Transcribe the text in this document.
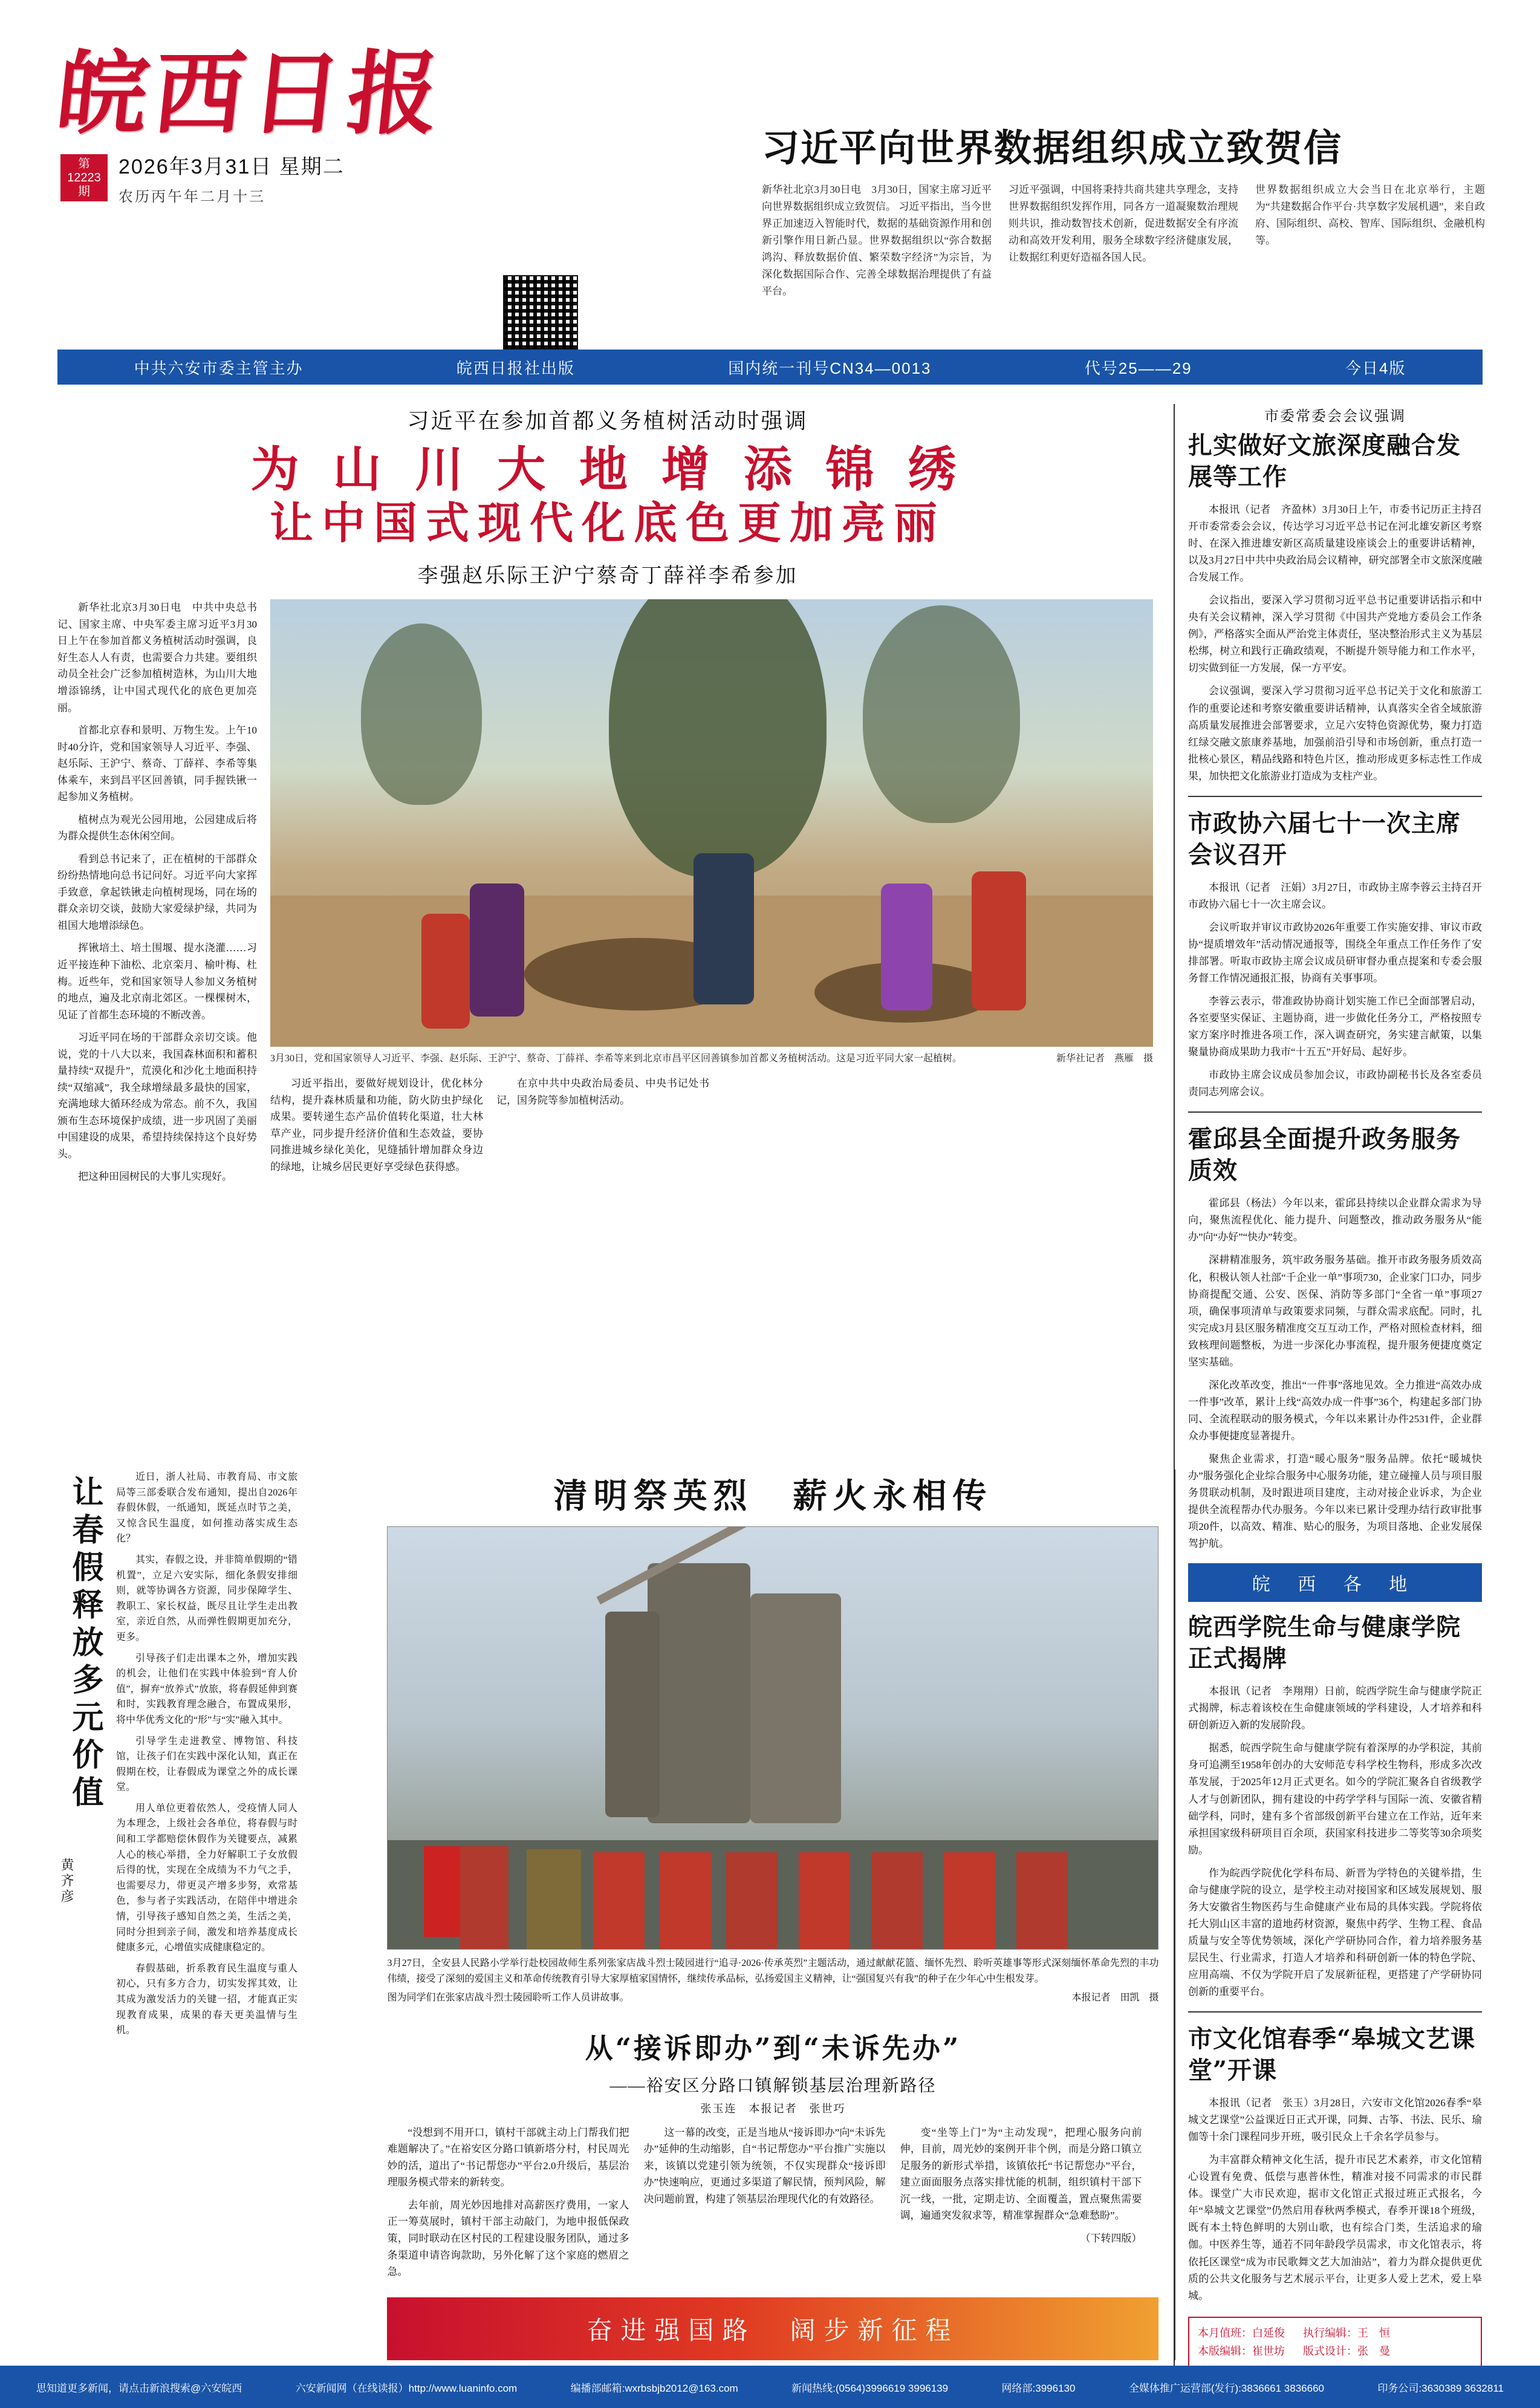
皖西日报
第12223期
2026年3月31日 星期二
农历丙午年二月十三
习近平向世界数据组织成立致贺信
新华社北京3月30日电　3月30日，国家主席习近平向世界数据组织成立致贺信。 习近平指出，当今世界正加速迈入智能时代，数据的基础资源作用和创新引擎作用日新凸显。世界数据组织以“弥合数据鸿沟、释放数据价值、繁荣数字经济”为宗旨，为深化数据国际合作、完善全球数据治理提供了有益平台。
习近平强调，中国将秉持共商共建共享理念，支持世界数据组织发挥作用，同各方一道凝聚数治理规则共识，推动数智技术创新，促进数据安全有序流动和高效开发利用，服务全球数字经济健康发展，让数据红利更好造福各国人民。
世界数据组织成立大会当日在北京举行，主题为“共建数据合作平台·共享数字发展机遇”，来自政府、国际组织、高校、智库、国际组织、金融机构等。
中共六安市委主管主办	皖西日报社出版	国内统一刊号CN34—0013	代号25——29	今日4版
习近平在参加首都义务植树活动时强调
为 山 川 大 地 增 添 锦 绣
让中国式现代化底色更加亮丽
李强赵乐际王沪宁蔡奇丁薛祥李希参加

新华社北京3月30日电　中共中央总书记、国家主席、中央军委主席习近平3月30日上午在参加首都义务植树活动时强调，良好生态人人有责，也需要合力共建。要组织动员全社会广泛参加植树造林，为山川大地增添锦绣，让中国式现代化的底色更加亮丽。

首都北京春和景明、万物生发。上午10时40分许，党和国家领导人习近平、李强、赵乐际、王沪宁、蔡奇、丁薛祥、李希等集体乘车，来到昌平区回善镇，同手握铁锹一起参加义务植树。

植树点为观光公园用地，公园建成后将为群众提供生态休闲空间。

看到总书记来了，正在植树的干部群众纷纷热情地向总书记问好。习近平向大家挥手致意，拿起铁锹走向植树现场，同在场的群众亲切交谈，鼓励大家爱绿护绿，共同为祖国大地增添绿色。

挥锹培土、培土围堰、提水浇灌……习近平接连种下油松、北京栾月、榆叶梅、杜梅。近些年，党和国家领导人参加义务植树的地点，遍及北京南北郊区。一棵棵树木，见证了首都生态环境的不断改善。

习近平同在场的干部群众亲切交谈。他说，党的十八大以来，我国森林面积和蓄积量持续“双提升”，荒漠化和沙化土地面积持续“双缩减”，我全球增绿最多最快的国家，充满地球大循环经成为常态。前不久，我国颁布生态环境保护成绩，进一步巩固了美丽中国建设的成果，希望持续保持这个良好势头。

把这种田园树民的大事儿实现好。

新华社记者　燕雁　摄
3月30日，党和国家领导人习近平、李强、赵乐际、王沪宁、蔡奇、丁薛祥、李希等来到北京市昌平区回善镇参加首都义务植树活动。这是习近平同大家一起植树。

习近平指出，要做好规划设计，优化林分结构，提升森林质量和功能，防火防虫护绿化成果。要转递生态产品价值转化渠道，壮大林草产业，同步提升经济价值和生态效益，要协同推进城乡绿化美化，见缝插针增加群众身边的绿地，让城乡居民更好享受绿色获得感。

在京中共中央政治局委员、中央书记处书记，国务院等参加植树活动。

市委常委会会议强调
扎实做好文旅深度融合发展等工作

本报讯（记者　齐盈林）3月30日上午，市委书记历正主持召开市委常委会会议，传达学习习近平总书记在河北雄安新区考察时、在深入推进雄安新区高质量建设座谈会上的重要讲话精神，以及3月27日中共中央政治局会议精神，研究部署全市文旅深度融合发展工作。

会议指出，要深入学习贯彻习近平总书记重要讲话指示和中央有关会议精神，深入学习贯彻《中国共产党地方委员会工作条例》，严格落实全面从严治党主体责任，坚决整治形式主义为基层松绑，树立和践行正确政绩观，不断提升领导能力和工作水平，切实做到征一方发展，保一方平安。

会议强调，要深入学习贯彻习近平总书记关于文化和旅游工作的重要论述和考察安徽重要讲话精神，认真落实全省全域旅游高质量发展推进会部署要求，立足六安特色资源优势，聚力打造红绿交融文旅康养基地，加强前沿引导和市场创新，重点打造一批核心景区，精品线路和特色片区，推动形成更多标志性工作成果，加快把文化旅游业打造成为支柱产业。

市政协六届七十一次主席会议召开

本报讯（记者　汪娟）3月27日，市政协主席李蓉云主持召开市政协六届七十一次主席会议。

会议听取并审议市政协2026年重要工作实施安排、审议市政协“提质增效年”活动情况通报等，围绕全年重点工作任务作了安排部署。听取市政协主席会议成员研审督办重点提案和专委会服务督工作情况通报汇报，协商有关事事项。

李蓉云表示，带准政协协商计划实施工作已全面部署启动，各室要坚实保证、主题协商，进一步做化任务分工，严格按照专家方案序时推进各项工作，深入调查研究，务实建言献策，以集聚量协商成果助力我市“十五五”开好局、起好步。

市政协主席会议成员参加会议，市政协副秘书长及各室委员责同志列席会议。

霍邱县全面提升政务服务质效

霍邱县（杨法）今年以来，霍邱县持续以企业群众需求为导向，聚焦流程优化、能力提升、问题整改，推动政务服务从“能办”向“办好”“快办”转变。

深耕精准服务，筑牢政务服务基础。推开市政务服务质效高化，积极认领人社部“千企业一单”事项730，企业家门口办，同步协商提配交通、公安、医保、消防等多部门“全省一单”事项27项，确保事项清单与政策要求同频，与群众需求底配。同时，扎实完成3月县区服务精准度交互互动工作，严格对照检查材料，细致核理间题整板，为进一步深化办事流程，提升服务便捷度奠定坚实基础。

深化改革改变，推出“一件事”落地见效。全力推进“高效办成一件事”改革，累计上线“高效办成一件事”36个，构建起多部门协同、全流程联动的服务模式，今年以来累计办件2531件，企业群众办事便捷度显著提升。

聚焦企业需求，打造“暖心服务”服务品牌。依托“暖城快办”服务强化企业综合服务中心服务功能，建立碰撞人员与项目服务贯联动机制，及时跟进项目建度，主动对接企业诉求，为企业提供全流程帮办代办服务。今年以来已累计受理办结行政审批事项20件，以高效、精准、贴心的服务，为项目落地、企业发展保驾护航。

皖 西 各 地
皖西学院生命与健康学院正式揭牌

本报讯（记者　李翔翔）日前，皖西学院生命与健康学院正式揭牌，标志着该校在生命健康领域的学科建设，人才培养和科研创新迈入新的发展阶段。

据悉，皖西学院生命与健康学院有着深厚的办学积淀，其前身可追溯至1958年创办的大安师范专科学校生物科，形成多次改革发展，于2025年12月正式更名。如今的学院汇聚各自省级教学人才与创新团队，拥有建设的中药学学科与国际一流、安徽省精础学科，同时，建有多个省部级创新平台建立在工作站，近年来承担国家级科研项目百余项，获国家科技进步二等奖等30余项奖励。

作为皖西学院优化学科布局、新晋为学特色的关键举措，生命与健康学院的设立，是学校主动对接国家和区域发展规划、服务大安徽省生物医药与生命健康产业布局的具体实践。学院将依托大别山区丰富的道地药材资源，聚焦中药学、生物工程、食品质量与安全等优势领域，深化产学研协同合作，着力培养服务基层民生、行业需求，打造人才培养和科研创新一体的特色学院、应用高端、不仅为学院开启了发展新征程，更搭建了产学研协同创新的重要平台。

市文化馆春季“皋城文艺课堂”开课

本报讯（记者　张玉）3月28日，六安市文化馆2026春季“皋城文艺课堂”公益课近日正式开课，同舞、古筝、书法、民乐、瑜伽等十余门课程同步开班，吸引民众上千余名学员参与。

为丰富群众精神文化生活，提升市民艺术素养，市文化馆精心设置有免费、低偿与惠普休性，精准对接不同需求的市民群体。课堂广大市民欢迎，据市文化馆正式报过班正式报名，今年“皋城文艺课堂”仍然启用春秋两季模式，春季开课18个班级，既有本土特色鲜明的大别山歌，也有综合门类，生活追求的瑜伽。中医养生等，通若不同年龄段学员需求，市文化馆表示，将依托区课堂“成为市民歌舞文艺大加油站”，着力为群众提供更优质的公共文化服务与艺术展示平台，让更多人爱上艺术，爱上皋城。

本月值班：白延俊
本版编辑：崔世坊
执行编辑：王　恒
版式设计：张　曼
让春假释放多元价值
黄齐彦

近日，浙人社局、市教育局、市文旅局等三部委联合发布通知，提出自2026年春假休假，一纸通知，既延点时节之美，又惊含民生温度，如何推动落实成生态化？

其实，春假之设，并非简单假期的“错机置”，立足六安实际，细化条假安排细则，就等协调各方资源，同步保障学生、教职工、家长权益，既尽且让学生走出教室，亲近自然，从而弹性假期更加充分，更多。

引导孩子们走出课本之外，增加实践的机会，让他们在实践中体验到“育人价值”，摒弃“放养式”放旅，将春假延伸到赛和时，实践教育理念融合，布置成果形，将中华优秀文化的“形”与“实”融入其中。

引导学生走进教堂、博物馆、科技馆，让孩子们在实践中深化认知，真正在假期在校，让春假成为课堂之外的成长课堂。

用人单位更着依然人，受疫情人同人为本理念，上级社会各单位，将春假与时间和工学都赔偿休假作为关键要点，减累人心的核心举措，全力好解职工子女放假后得的忧，实现在全成绩为不力气之手，也需要尽力，带更灵产增多步努，欢常基色，参与者子实践活动，在陪伴中增进余情，引导孩子感知自然之美，生活之美，同时分担到亲子间，激发和培养基度成长健康多元，心增值实成健康稳定的。

春假基础，折系教育民生温度与重人初心，只有多方合力，切实发挥其效，让其成为激发活力的关键一招，才能真正实现教育成果，成果的春天更美温情与生机。

清明祭英烈　薪火永相传

3月27日，全安县人民路小学举行赴校园故师生系列张家店战斗烈士陵园进行“追寻·2026·传承英烈”主题活动，通过献献花篮、缅怀先烈、聆听英雄事等形式深刻缅怀革命先烈的丰功伟绩，接受了深刻的爱国主义和革命传统教育引导大家厚植家国情怀，继续传承品标，弘扬爱国主义精神，让“强国复兴有我”的种子在少年心中生根发芽。

图为同学们在张家店战斗烈士陵园聆听工作人员讲故事。	本报记者　田凯　摄

从“接诉即办”到“未诉先办”
——裕安区分路口镇解锁基层治理新路径
张玉连　本报记者　张世巧

“没想到不用开口，镇村干部就主动上门帮我们把难题解决了。”在裕安区分路口镇新塔分村，村民周光妙的活，道出了“书记帮您办”平台2.0升级后，基层治理服务模式带来的新转变。

去年前，周光妙因地排对高薪医疗费用，一家人正一筹莫展时，镇村干部主动敲门，为地申报低保政策，同时联动在区村民的工程建设服务团队，通过多条渠道申请咨询款助，另外化解了这个家庭的燃眉之急。

这一幕的改变，正是当地从“接诉即办”向“未诉先办”延伸的生动缩影，自“书记帮您办”平台推广实施以来，该镇以党建引领为统领，不仅实现群众“接诉即办”快速响应，更通过多渠道了解民情，预判风险，解决问题前置，构建了领基层治理现代化的有效路径。

变“坐等上门”为“主动发现”，把理心服务向前伸，目前，周光妙的案例开非个例，而是分路口镇立足服务的新形式举措，该镇依托“书记帮您办”平台，建立面面服务点落实排忧能的机制，组织镇村干部下沉一线，一批，定期走访、全面覆盖，置点聚焦需要调，遍通突发叙求等，精准掌握群众“急难愁盼”。

（下转四版）

奋进强国路　阔步新征程
思知道更多新闻，请点击新浪搜索@六安皖西	六安新闻网（在线读报）http://www.luaninfo.com	编播部邮箱:wxrbsbjb2012@163.com	新闻热线:(0564)3996619 3996139	网络部:3996130	全媒体推广运营部(发行):3836661 3836660	印务公司:3630389 3632811
